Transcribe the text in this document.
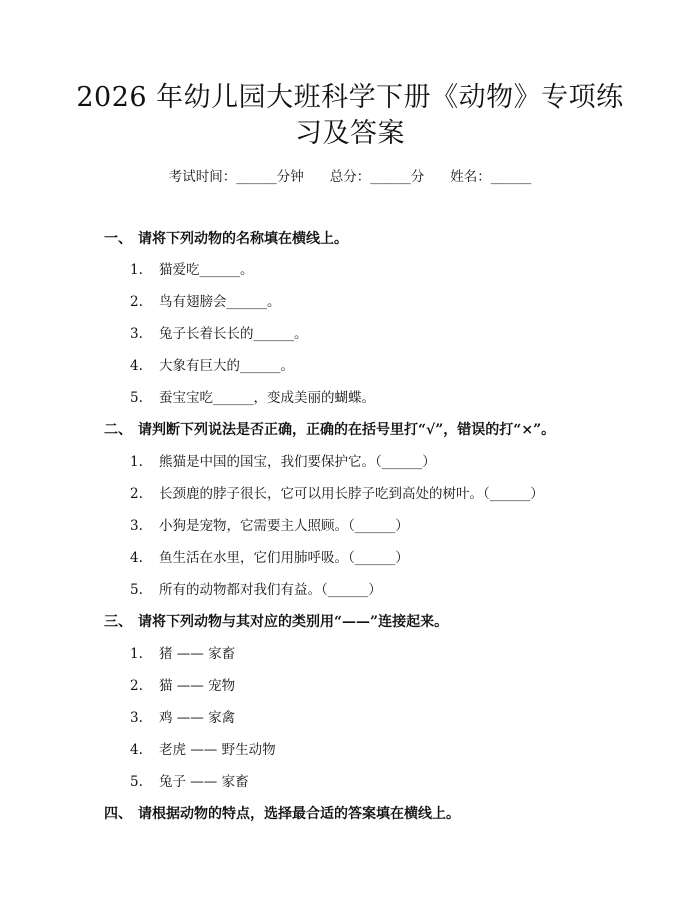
2026 年幼儿园大班科学下册《动物》专项练
习及答案
考试时间：______分钟 总分：______分 姓名：______
一、 请将下列动物的名称填在横线上。
1. 猫爱吃______。
2. 鸟有翅膀会______。
3. 兔子长着长长的______。
4. 大象有巨大的______。
5. 蚕宝宝吃______，变成美丽的蝴蝶。
二、 请判断下列说法是否正确，正确的在括号里打“√”，错误的打“×”。
1. 熊猫是中国的国宝，我们要保护它。（______）
2. 长颈鹿的脖子很长，它可以用长脖子吃到高处的树叶。（______）
3. 小狗是宠物，它需要主人照顾。（______）
4. 鱼生活在水里，它们用肺呼吸。（______）
5. 所有的动物都对我们有益。（______）
三、 请将下列动物与其对应的类别用“——”连接起来。
1. 猪 —— 家畜
2. 猫 —— 宠物
3. 鸡 —— 家禽
4. 老虎 —— 野生动物
5. 兔子 —— 家畜
四、 请根据动物的特点，选择最合适的答案填在横线上。
